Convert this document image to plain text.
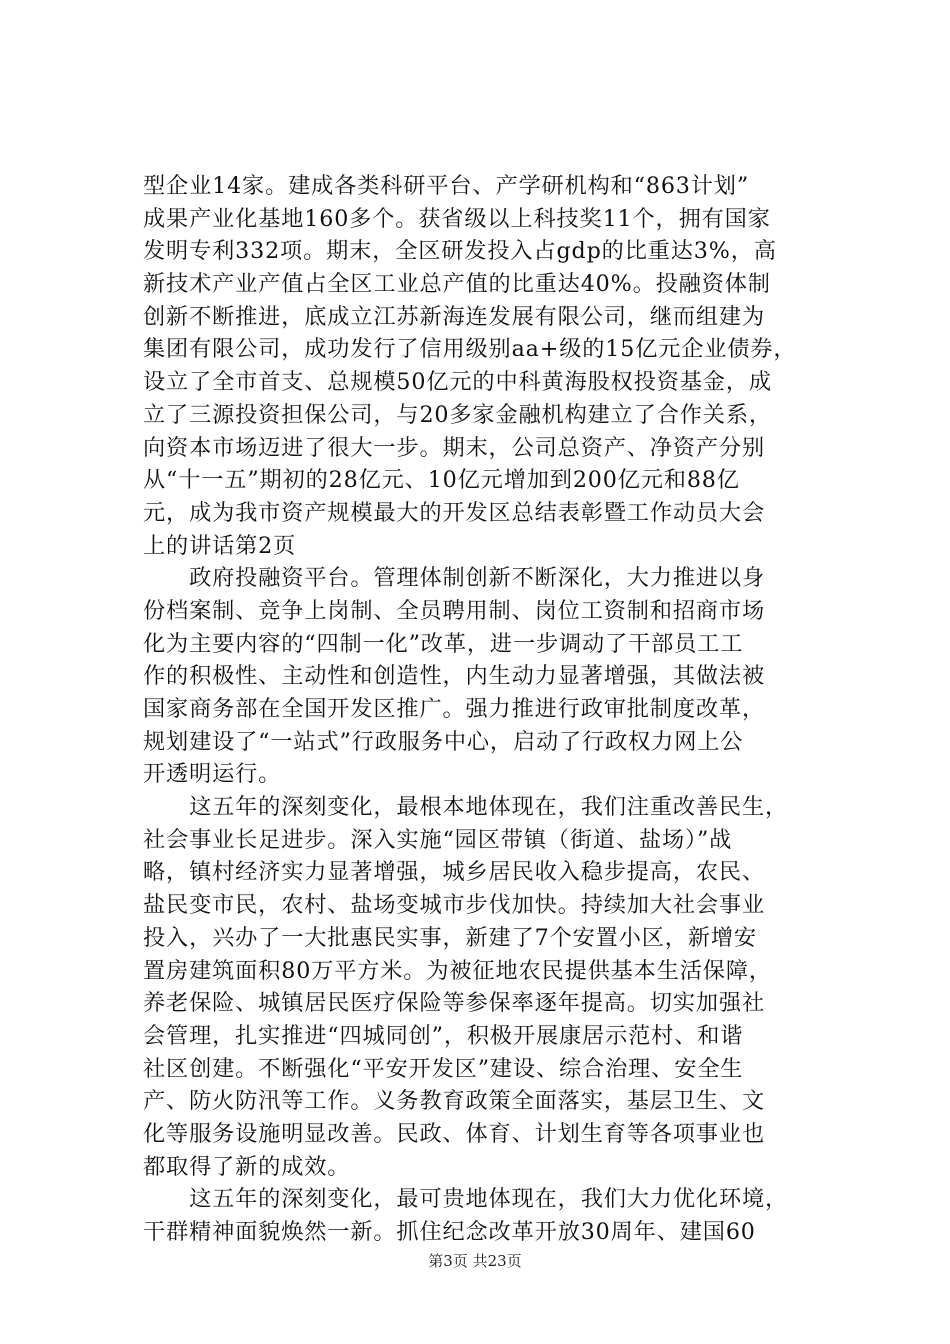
型企业14家。建成各类科研平台、产学研机构和“863计划”
成果产业化基地160多个。获省级以上科技奖11个，拥有国家
发明专利332项。期末，全区研发投入占gdp的比重达3%，高
新技术产业产值占全区工业总产值的比重达40%。投融资体制
创新不断推进，底成立江苏新海连发展有限公司，继而组建为
集团有限公司，成功发行了信用级别aa+级的15亿元企业债券，
设立了全市首支、总规模50亿元的中科黄海股权投资基金，成
立了三源投资担保公司，与20多家金融机构建立了合作关系，
向资本市场迈进了很大一步。期末，公司总资产、净资产分别
从“十一五”期初的28亿元、10亿元增加到200亿元和88亿
元，成为我市资产规模最大的开发区总结表彰暨工作动员大会
上的讲话第2页
　　政府投融资平台。管理体制创新不断深化，大力推进以身
份档案制、竞争上岗制、全员聘用制、岗位工资制和招商市场
化为主要内容的“四制一化”改革，进一步调动了干部员工工
作的积极性、主动性和创造性，内生动力显著增强，其做法被
国家商务部在全国开发区推广。强力推进行政审批制度改革，
规划建设了“一站式”行政服务中心，启动了行政权力网上公
开透明运行。
　　这五年的深刻变化，最根本地体现在，我们注重改善民生，
社会事业长足进步。深入实施“园区带镇（街道、盐场）”战
略，镇村经济实力显著增强，城乡居民收入稳步提高，农民、
盐民变市民，农村、盐场变城市步伐加快。持续加大社会事业
投入，兴办了一大批惠民实事，新建了7个安置小区，新增安
置房建筑面积80万平方米。为被征地农民提供基本生活保障，
养老保险、城镇居民医疗保险等参保率逐年提高。切实加强社
会管理，扎实推进“四城同创”，积极开展康居示范村、和谐
社区创建。不断强化“平安开发区”建设、综合治理、安全生
产、防火防汛等工作。义务教育政策全面落实，基层卫生、文
化等服务设施明显改善。民政、体育、计划生育等各项事业也
都取得了新的成效。
　　这五年的深刻变化，最可贵地体现在，我们大力优化环境，
干群精神面貌焕然一新。抓住纪念改革开放30周年、建国60
第3页 共23页
